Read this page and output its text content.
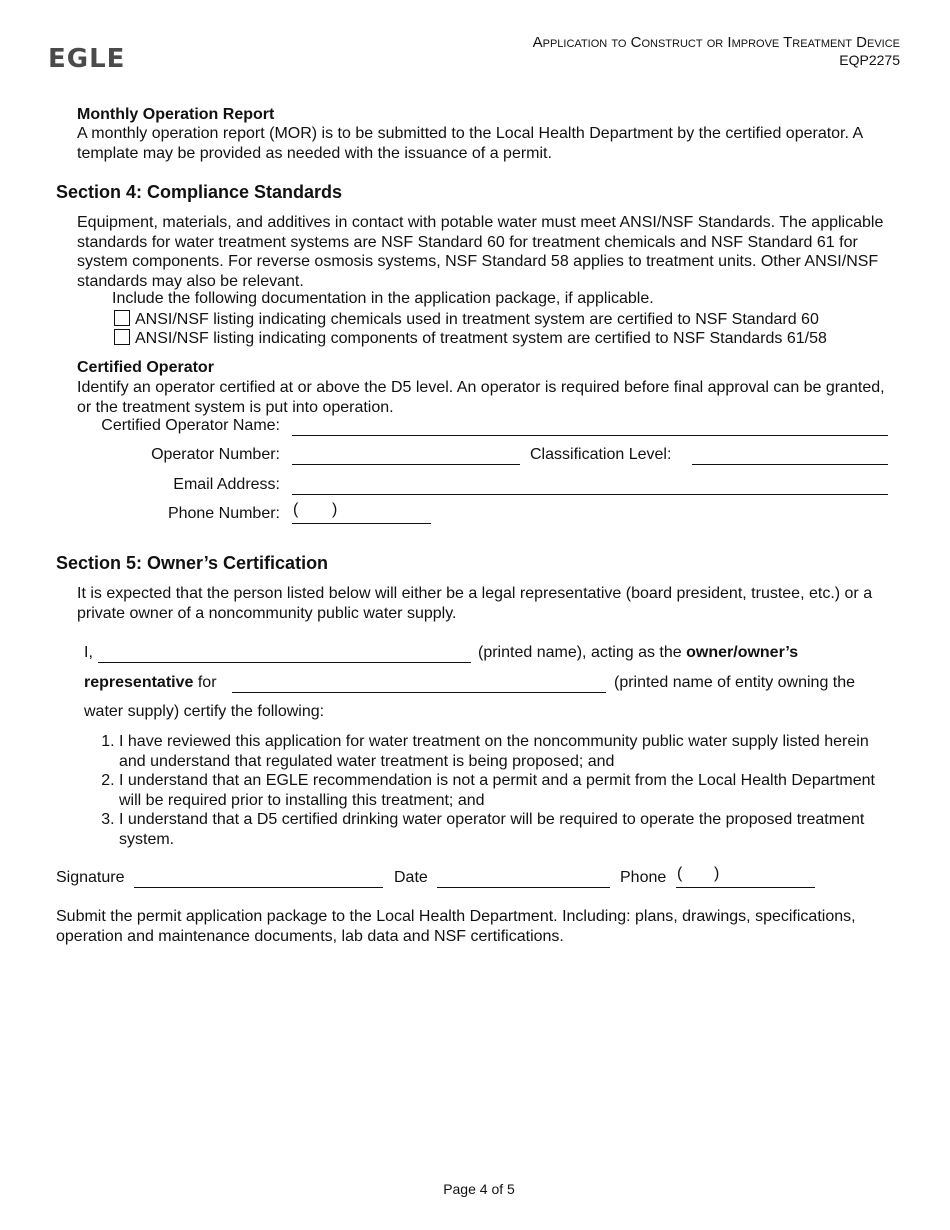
EGLE
Application to Construct or Improve Treatment Device
EQP2275
Monthly Operation Report
A monthly operation report (MOR) is to be submitted to the Local Health Department by the certified operator. A template may be provided as needed with the issuance of a permit.
Section 4: Compliance Standards
Equipment, materials, and additives in contact with potable water must meet ANSI/NSF Standards. The applicable standards for water treatment systems are NSF Standard 60 for treatment chemicals and NSF Standard 61 for system components. For reverse osmosis systems, NSF Standard 58 applies to treatment units. Other ANSI/NSF standards may also be relevant.
Include the following documentation in the application package, if applicable.
ANSI/NSF listing indicating chemicals used in treatment system are certified to NSF Standard 60
ANSI/NSF listing indicating components of treatment system are certified to NSF Standards 61/58
Certified Operator
Identify an operator certified at or above the D5 level. An operator is required before final approval can be granted, or the treatment system is put into operation.
Certified Operator Name:
Operator Number:	Classification Level:
Email Address:
Phone Number: ( )
Section 5: Owner’s Certification
It is expected that the person listed below will either be a legal representative (board president, trustee, etc.) or a private owner of a noncommunity public water supply.
I,	(printed name), acting as the owner/owner’s
representative for	(printed name of entity owning the
water supply) certify the following:
1. I have reviewed this application for water treatment on the noncommunity public water supply listed herein and understand that regulated water treatment is being proposed; and
2. I understand that an EGLE recommendation is not a permit and a permit from the Local Health Department will be required prior to installing this treatment; and
3. I understand that a D5 certified drinking water operator will be required to operate the proposed treatment system.
Signature	Date	Phone ( )
Submit the permit application package to the Local Health Department. Including: plans, drawings, specifications, operation and maintenance documents, lab data and NSF certifications.
Page 4 of 5
